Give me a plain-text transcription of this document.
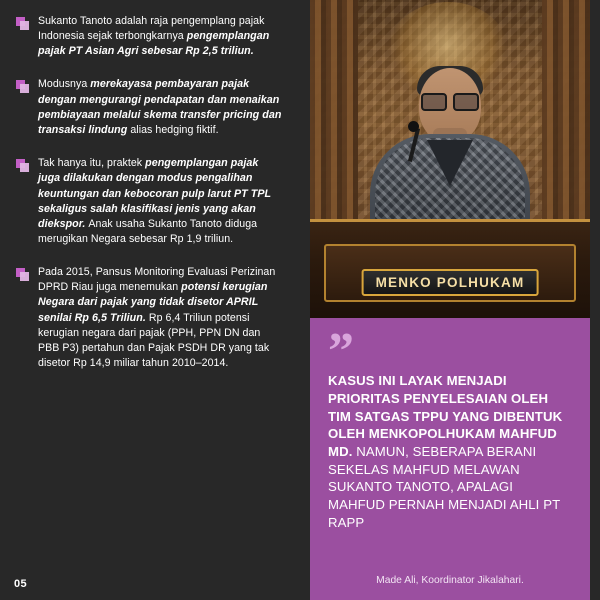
Sukanto Tanoto adalah raja pengemplang pajak Indonesia sejak terbongkarnya pengemplangan pajak PT Asian Agri sebesar Rp 2,5 triliun.
Modusnya merekayasa pembayaran pajak dengan mengurangi pendapatan dan menaikan pembiayaan melalui skema transfer pricing dan transaksi lindung alias hedging fiktif.
Tak hanya itu, praktek pengemplangan pajak juga dilakukan dengan modus pengalihan keuntungan dan kebocoran pulp larut PT TPL sekaligus salah klasifikasi jenis yang akan diekspor. Anak usaha Sukanto Tanoto diduga merugikan Negara sebesar Rp 1,9 triliun.
Pada 2015, Pansus Monitoring Evaluasi Perizinan DPRD Riau juga menemukan potensi kerugian Negara dari pajak yang tidak disetor APRIL senilai Rp 6,5 Triliun. Rp 6,4 Triliun potensi kerugian negara dari pajak (PPH, PPN DN dan PBB P3) pertahun dan Pajak PSDH DR yang tak disetor Rp 14,9 miliar tahun 2010–2014.
05
MENKO POLHUKAM
”
KASUS INI LAYAK MENJADI PRIORITAS PENYELESAIAN OLEH TIM SATGAS TPPU YANG DIBENTUK OLEH MENKOPOLHUKAM MAHFUD MD. NAMUN, SEBERAPA BERANI SEKELAS MAHFUD MELAWAN SUKANTO TANOTO, APALAGI MAHFUD PERNAH MENJADI AHLI PT RAPP
Made Ali, Koordinator Jikalahari.
